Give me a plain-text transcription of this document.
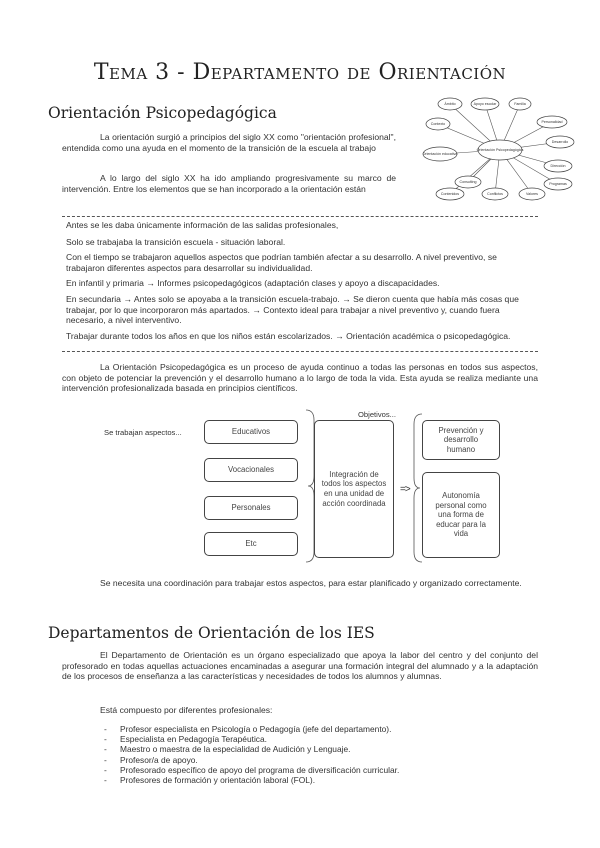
Tema 3 - Departamento de Orientación
Orientación Psicopedagógica
Orientación Psicopedagógica
Ámbito	Apoyo escolar	Familia
Personalidad
Desarrollo
Dirección
Programas
Valores
Conflictos
Contenidos
Consulting
Orientación educativa
Contexto
La orientación surgió a principios del siglo XX como "orientación profesional", entendida como una ayuda en el momento de la transición de la escuela al trabajo
A lo largo del siglo XX ha ido ampliando progresivamente su marco de intervención. Entre los elementos que se han incorporado a la orientación están
Antes se les daba únicamente información de las salidas profesionales,
Solo se trabajaba la transición escuela - situación laboral.
Con el tiempo se trabajaron aquellos aspectos que podrían también afectar a su desarrollo. A nivel preventivo, se trabajaron diferentes aspectos para desarrollar su individualidad.
En infantil y primaria → Informes psicopedagógicos (adaptación clases y apoyo a discapacidades.
En secundaria → Antes solo se apoyaba a la transición escuela-trabajo. → Se dieron cuenta que había más cosas que trabajar, por lo que incorporaron más apartados. → Contexto ideal para trabajar a nivel preventivo y, cuando fuera necesario, a nivel interventivo.
Trabajar durante todos los años en que los niños están escolarizados. → Orientación académica o psicopedagógica.
La Orientación Psicopedagógica es un proceso de ayuda continuo a todas las personas en todos sus aspectos, con objeto de potenciar la prevención y el desarrollo humano a lo largo de toda la vida. Esta ayuda se realiza mediante una intervención profesionalizada basada en principios científicos.
Se trabajan aspectos...	Educativos
Vocacionales
Personales
Etc
Integración de todos los aspectos en una unidad de acción coordinada
=>
Objetivos...
Prevención y desarrollo humano
Autonomía personal como una forma de educar para la vida
Se necesita una coordinación para trabajar estos aspectos, para estar planificado y organizado correctamente.
Departamentos de Orientación de los IES
El Departamento de Orientación es un órgano especializado que apoya la labor del centro y del conjunto del profesorado en todas aquellas actuaciones encaminadas a asegurar una formación integral del alumnado y a la adaptación de los procesos de enseñanza a las características y necesidades de todos los alumnos y alumnas.
Está compuesto por diferentes profesionales:
- Profesor especialista en Psicología o Pedagogía (jefe del departamento).
- Especialista en Pedagogía Terapéutica.
- Maestro o maestra de la especialidad de Audición y Lenguaje.
- Profesor/a de apoyo.
- Profesorado específico de apoyo del programa de diversificación curricular.
- Profesores de formación y orientación laboral (FOL).
